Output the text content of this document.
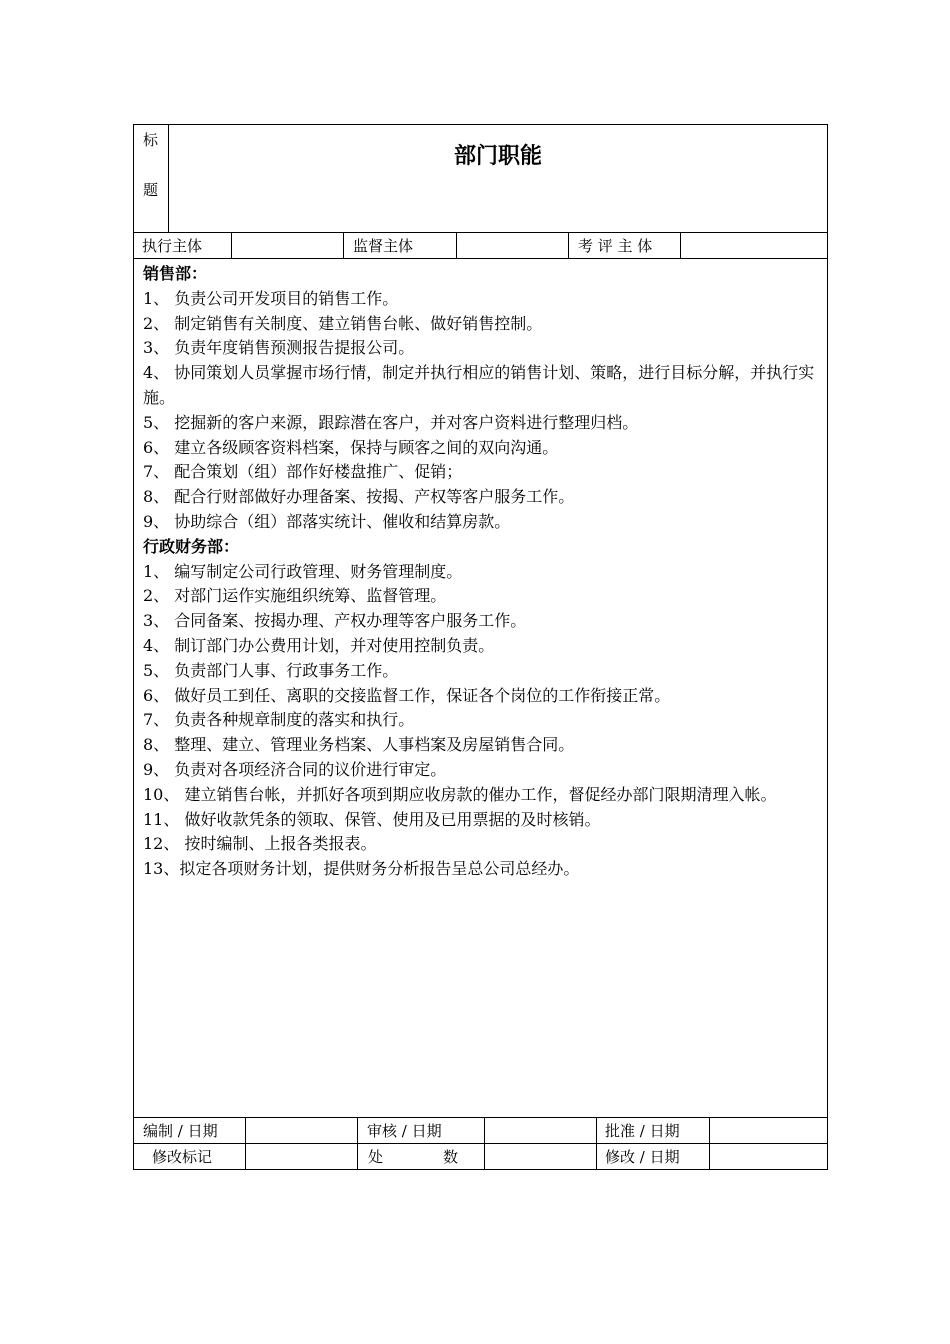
标
题
部门职能
执行主体	监督主体	考 评 主 体

销售部：

1、 负责公司开发项目的销售工作。

2、 制定销售有关制度、建立销售台帐、做好销售控制。

3、 负责年度销售预测报告提报公司。

4、 协同策划人员掌握市场行情，制定并执行相应的销售计划、策略，进行目标分解，并执行实施。

5、 挖掘新的客户来源，跟踪潜在客户，并对客户资料进行整理归档。

6、 建立各级顾客资料档案，保持与顾客之间的双向沟通。

7、 配合策划（组）部作好楼盘推广、促销；

8、 配合行财部做好办理备案、按揭、产权等客户服务工作。

9、 协助综合（组）部落实统计、催收和结算房款。

行政财务部：

1、 编写制定公司行政管理、财务管理制度。

2、 对部门运作实施组织统筹、监督管理。

3、 合同备案、按揭办理、产权办理等客户服务工作。

4、 制订部门办公费用计划，并对使用控制负责。

5、 负责部门人事、行政事务工作。

6、 做好员工到任、离职的交接监督工作，保证各个岗位的工作衔接正常。

7、 负责各种规章制度的落实和执行。

8、 整理、建立、管理业务档案、人事档案及房屋销售合同。

9、 负责对各项经济合同的议价进行审定。

10、 建立销售台帐，并抓好各项到期应收房款的催办工作，督促经办部门限期清理入帐。

11、 做好收款凭条的领取、保管、使用及已用票据的及时核销。

12、 按时编制、上报各类报表。

13、拟定各项财务计划，提供财务分析报告呈总公司总经办。

编制 / 日期	审核 / 日期	批准 / 日期
修改标记	处	数	修改 / 日期
